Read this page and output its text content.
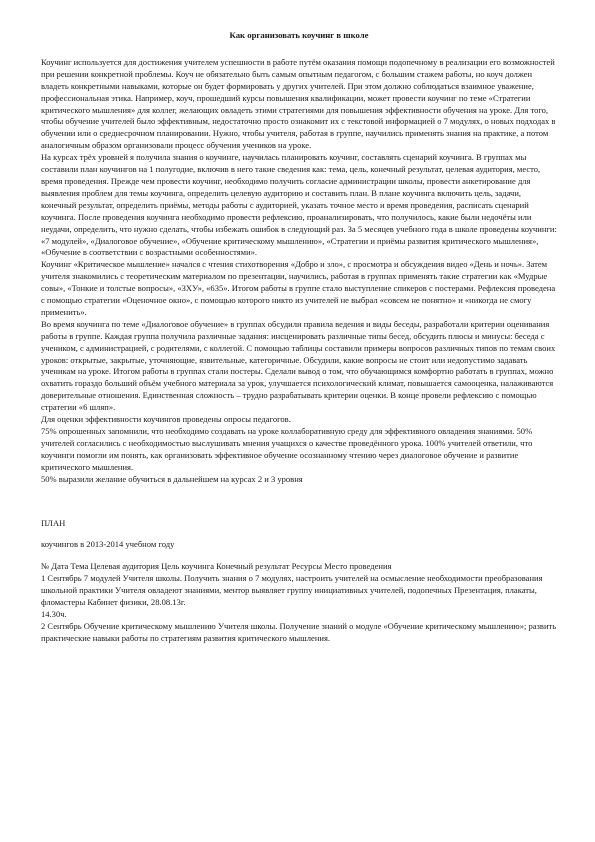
Как организовать коучинг в школе

Коучинг используется для достижения учителем успешности в работе путём оказания помощи подопечному в реализации его возможностей при решении конкретной проблемы. Коуч не обязательно быть самым опытным педагогом, с большим стажем работы, но коуч должен владеть конкретными навыками, которые он будет формировать у других учителей. При этом должно соблюдаться взаимное уважение, профессиональная этика. Например, коуч, прошедший курсы повышения квалификации, может провести коучинг по теме «Стратегии критического мышления» для коллег, желающих овладеть этими стратегиями для повышения эффективности обучения на уроке. Для того, чтобы обучение учителей было эффективным, недостаточно просто ознакомит их с текстовой информацией о 7 модулях, о новых подходах в обучении или о среднесрочном планировании. Нужно, чтобы учителя, работая в группе, научились применять знания на практике, а потом аналогичным образом организовали процесс обучения учеников на уроке.

На курсах трёх уровней я получила знания о коучинге, научилась планировать коучинг, составлять сценарий коучинга. В группах мы составили план коучингов на 1 полугодие, включив в него такие сведения как: тема, цель, конечный результат, целевая аудитория, место, время проведения. Прежде чем провести коучинг, необходимо получить согласие администрации школы, провести анкетирование для выявления проблем для темы коучинга, определить целевую аудиторию и составить план. В плане коучинга включить цель, задачи, конечный результат, определить приёмы, методы работы с аудиторией, указать точное место и время проведения, расписать сценарий коучинга. После проведения коучинга необходимо провести рефлексию, проанализировать, что получилось, какие были недочёты или неудачи, определить, что нужно сделать, чтобы избежать ошибок в следующий раз. За 5 месяцев учебного года в школе проведены коучинги: «7 модулей», «Диалоговое обучение», «Обучение критическому мышлению», «Стратегии и приёмы развития критического мышления», «Обучение в соответствии с возрастными особенностями».

Коучинг «Критическое мышление» начался с чтения стихотворения «Добро и зло», с просмотра и обсуждения видео «День и ночь». Затем учителя знакомились с теоретическим материалом по презентации, научились, работая в группах применять такие стратегии как «Мудрые совы», «Тонкие и толстые вопросы», «ЗХУ», «635». Итогом работы в группе стало выступление спикеров с постерами. Рефлексия проведена с помощью стратегии «Оценочное окно», с помощью которого никто из учителей не выбрал «совсем не понятно» и «никогда не смогу применить».

Во время коучинга по теме «Диалоговое обучение» в группах обсудили правила ведения и виды беседы, разработали критерии оценивания работы в группе. Каждая группа получила различные задания: инсценировать различные типы бесед, обсудить плюсы и минусы: беседа с учеником, с администрацией, с родителями, с коллегой. С помощью таблицы составили примеры вопросов различных типов по темам своих уроков: открытые, закрытые, уточняющие, язвительные, категоричные. Обсудили, какие вопросы не стоит или недопустимо задавать ученикам на уроке. Итогом работы в группах стали постеры. Сделали вывод о том, что обучающимся комфортно работать в группах, можно охватить гораздо больший объём учебного материала за урок, улучшается психологический климат, повышается самооценка, налаживаются доверительные отношения. Единственная сложность – трудно разрабатывать критерии оценки. В конце провели рефлексию с помощью стратегии «6 шляп».

Для оценки эффективности коучингов проведены опросы педагогов.

75% опрошенных запомнили, что необходимо создавать на уроке коллаборативную среду для эффективного овладения знаниями. 50% учителей согласились с необходимостью выслушивать мнения учащихся о качестве проведённого урока. 100% учителей ответили, что коучинги помогли им понять, как организовать эффективное обучение осознанному чтению через диалоговое обучение и развитие критического мышления.

50% выразили желание обучиться в дальнейшем на курсах 2 и 3 уровня

ПЛАН

коучингов в 2013-2014 учебном году

№ Дата Тема Целевая аудитория Цель коучинга Конечный результат Ресурсы Место проведения

1 Сентябрь 7 модулей Учителя школы. Получить знания о 7 модулях, настроить учителей на осмысление необходимости преобразования школьной практики Учителя овладеют знаниями, ментор выявляет группу инициативных учителей, подопечных Презентация, плакаты, фломастеры Кабинет физики, 28.08.13г.

14.30ч.

2 Сентябрь Обучение критическому мышлению Учителя школы. Получение знаний о модуле «Обучение критическому мышлению»; развить практические навыки работы по стратегиям развития критического мышления.
